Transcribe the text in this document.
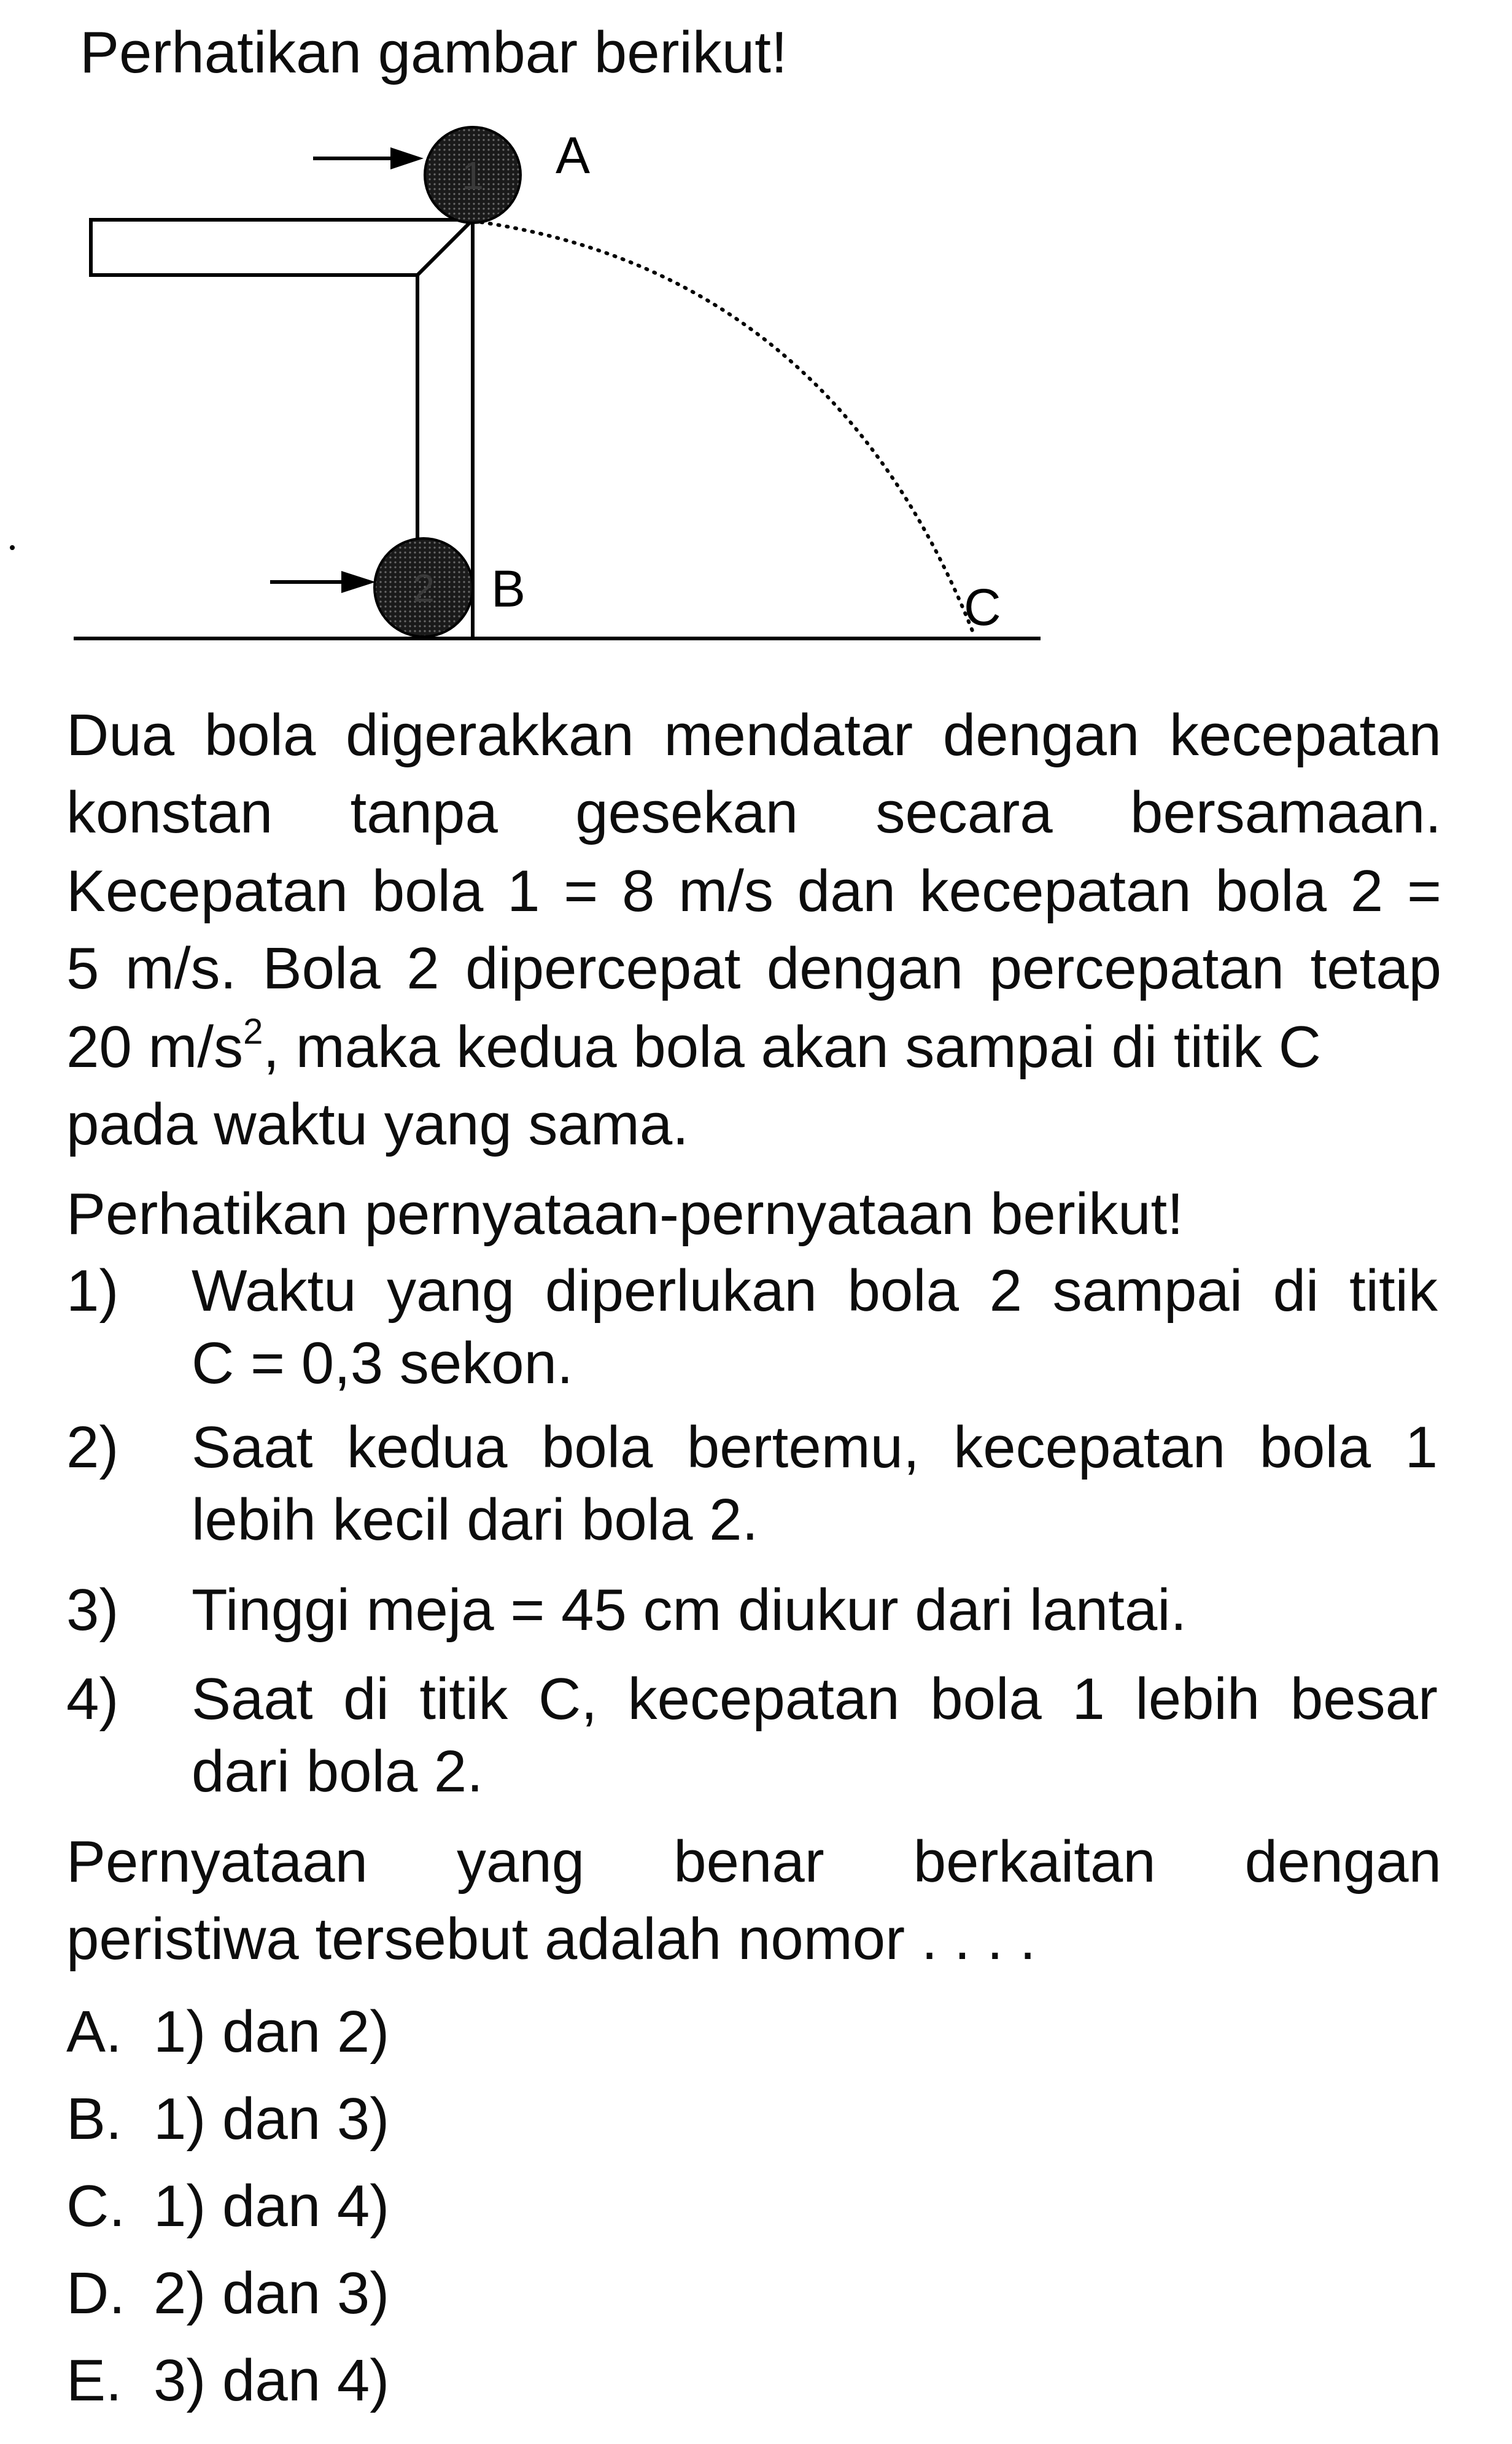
Perhatikan gambar berikut!
1
2
A
B	C
Dua bola digerakkan mendatar dengan kecepatan
konstan tanpa gesekan secara bersamaan.
Kecepatan bola 1 = 8 m/s dan kecepatan bola 2 =
5 m/s. Bola 2 dipercepat dengan percepatan tetap
20 $m/s^2$, maka kedua bola akan sampai di titik C
pada waktu yang sama.
Perhatikan pernyataan-pernyataan berikut!
1) Waktu yang diperlukan bola 2 sampai di titik
C = 0,3 sekon.
2) Saat kedua bola bertemu, kecepatan bola 1
lebih kecil dari bola 2.
3) Tinggi meja = 45 cm diukur dari lantai.
4) Saat di titik C, kecepatan bola 1 lebih besar
dari bola 2.
Pernyataan yang benar berkaitan dengan
peristiwa tersebut adalah nomor . . . .
A. 1) dan 2)
B. 1) dan 3)
C. 1) dan 4)
D. 2) dan 3)
E. 3) dan 4)
